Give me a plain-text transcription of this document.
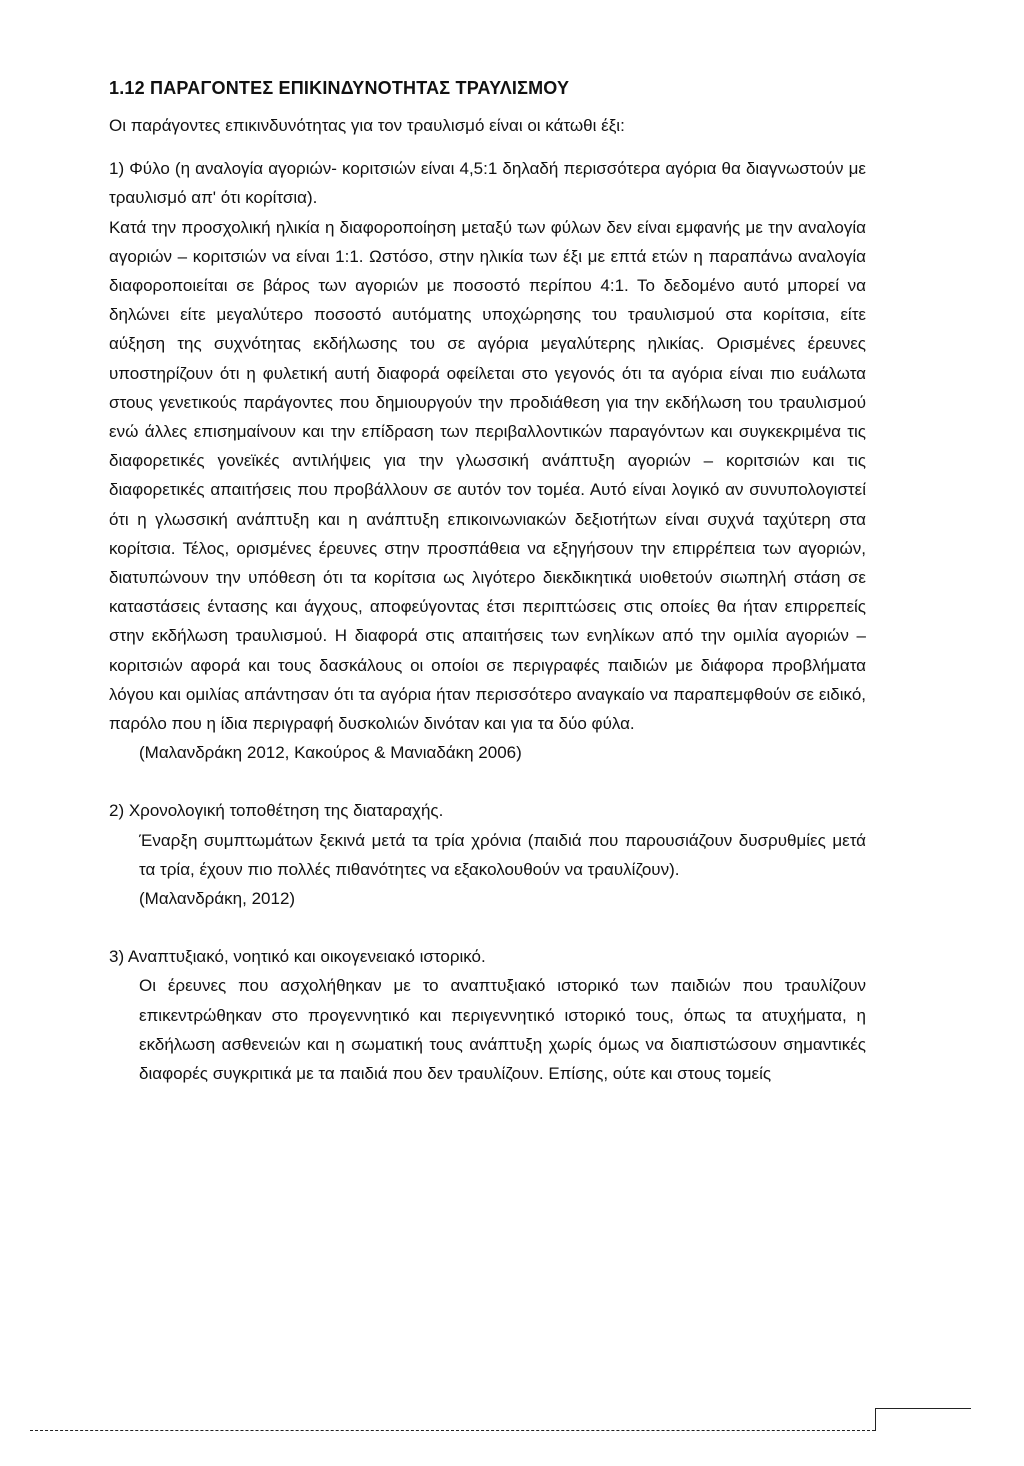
1.12 ΠΑΡΑΓΟΝΤΕΣ ΕΠΙΚΙΝΔΥΝΟΤΗΤΑΣ ΤΡΑΥΛΙΣΜΟΥ

Οι παράγοντες επικινδυνότητας για τον τραυλισμό είναι οι κάτωθι έξι:

1) Φύλο (η αναλογία αγοριών- κοριτσιών είναι 4,5:1 δηλαδή περισσότερα αγόρια θα διαγνωστούν με τραυλισμό απ' ότι κορίτσια).

Κατά την προσχολική ηλικία η διαφοροποίηση μεταξύ των φύλων δεν είναι εμφανής με την αναλογία αγοριών – κοριτσιών να είναι 1:1. Ωστόσο, στην ηλικία των έξι με επτά ετών η παραπάνω αναλογία διαφοροποιείται σε βάρος των αγοριών με ποσοστό περίπου 4:1. Το δεδομένο αυτό μπορεί να δηλώνει είτε μεγαλύτερο ποσοστό αυτόματης υποχώρησης του τραυλισμού στα κορίτσια, είτε αύξηση της συχνότητας εκδήλωσης του σε αγόρια μεγαλύτερης ηλικίας. Ορισμένες έρευνες υποστηρίζουν ότι η φυλετική αυτή διαφορά οφείλεται στο γεγονός ότι τα αγόρια είναι πιο ευάλωτα στους γενετικούς παράγοντες που δημιουργούν την προδιάθεση για την εκδήλωση του τραυλισμού ενώ άλλες επισημαίνουν και την επίδραση των περιβαλλοντικών παραγόντων και συγκεκριμένα τις διαφορετικές γονεϊκές αντιλήψεις για την γλωσσική ανάπτυξη αγοριών – κοριτσιών και τις διαφορετικές απαιτήσεις που προβάλλουν σε αυτόν τον τομέα. Αυτό είναι λογικό αν συνυπολογιστεί ότι η γλωσσική ανάπτυξη και η ανάπτυξη επικοινωνιακών δεξιοτήτων είναι συχνά ταχύτερη στα κορίτσια. Τέλος, ορισμένες έρευνες στην προσπάθεια να εξηγήσουν την επιρρέπεια των αγοριών, διατυπώνουν την υπόθεση ότι τα κορίτσια ως λιγότερο διεκδικητικά υιοθετούν σιωπηλή στάση σε καταστάσεις έντασης και άγχους, αποφεύγοντας έτσι περιπτώσεις στις οποίες θα ήταν επιρρεπείς στην εκδήλωση τραυλισμού. Η διαφορά στις απαιτήσεις των ενηλίκων από την ομιλία αγοριών – κοριτσιών αφορά και τους δασκάλους οι οποίοι σε περιγραφές παιδιών με διάφορα προβλήματα λόγου και ομιλίας απάντησαν ότι τα αγόρια ήταν περισσότερο αναγκαίο να παραπεμφθούν σε ειδικό, παρόλο που η ίδια περιγραφή δυσκολιών δινόταν και για τα δύο φύλα.

(Μαλανδράκη 2012, Κακούρος & Μανιαδάκη 2006)

2) Χρονολογική τοποθέτηση της διαταραχής.

Έναρξη συμπτωμάτων ξεκινά μετά τα τρία χρόνια (παιδιά που παρουσιάζουν δυσρυθμίες μετά τα τρία, έχουν πιο πολλές πιθανότητες να εξακολουθούν να τραυλίζουν).

(Μαλανδράκη, 2012)

3) Αναπτυξιακό, νοητικό και οικογενειακό ιστορικό.

Οι έρευνες που ασχολήθηκαν με το αναπτυξιακό ιστορικό των παιδιών που τραυλίζουν επικεντρώθηκαν στο προγεννητικό και περιγεννητικό ιστορικό τους, όπως τα ατυχήματα, η εκδήλωση ασθενειών και η σωματική τους ανάπτυξη χωρίς όμως να διαπιστώσουν σημαντικές διαφορές συγκριτικά με τα παιδιά που δεν τραυλίζουν. Επίσης, ούτε και στους τομείς
